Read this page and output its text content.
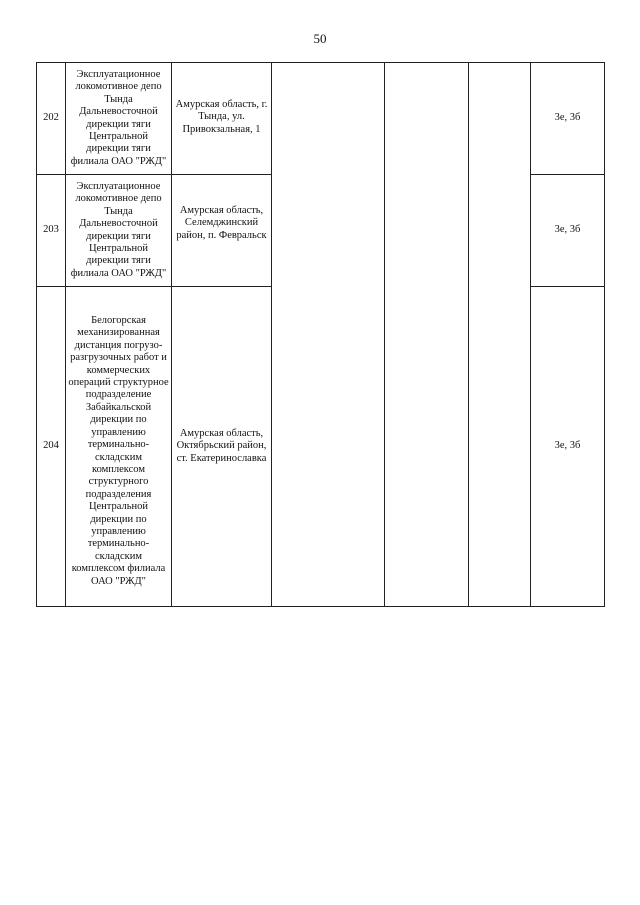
50
202	Эксплуатационное локомотивное депо Тында Дальневосточной дирекции тяги Центральной дирекции тяги филиала ОАО "РЖД"	Амурская область, г. Тында, ул. Привокзальная, 1				3е, 3б
203	Эксплуатационное локомотивное депо Тында Дальневосточной дирекции тяги Центральной дирекции тяги филиала ОАО "РЖД"	Амурская область, Селемджинский район, п. Февральск				3е, 3б
204	Белогорская механизированная дистанция погрузо-разгрузочных работ и коммерческих операций структурное подразделение Забайкальской дирекции по управлению терминально-складским комплексом структурного подразделения Центральной дирекции по управлению терминально-складским комплексом филиала ОАО "РЖД"	Амурская область, Октябрьский район, ст. Екатеринославка				3е, 3б
